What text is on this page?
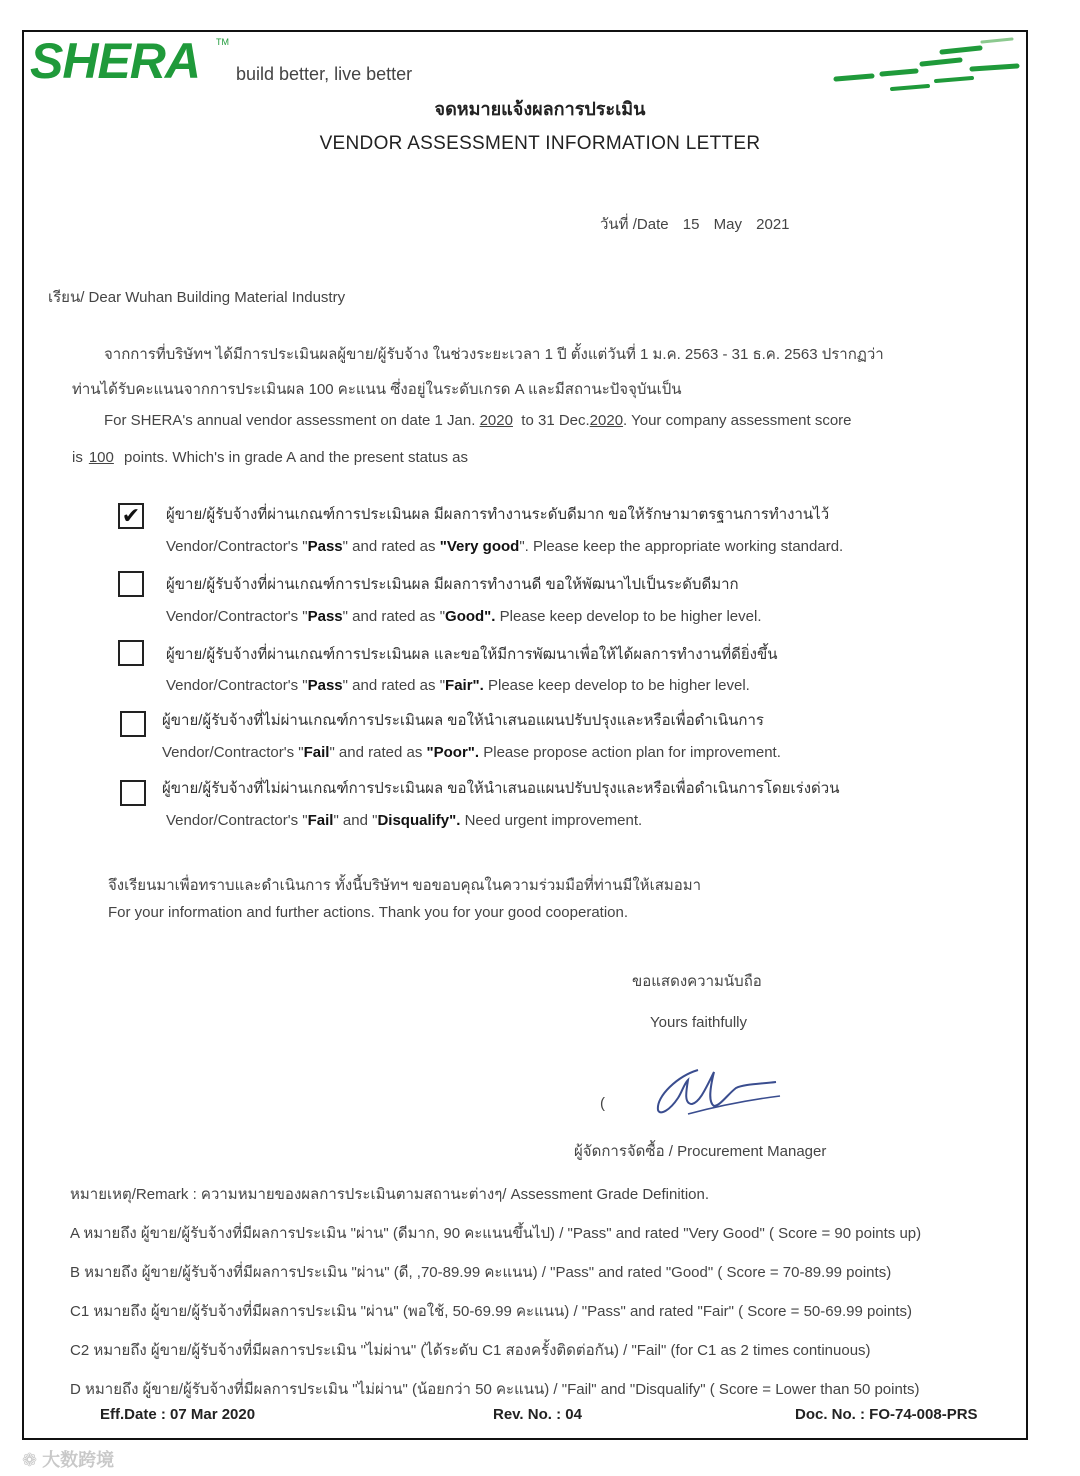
SHERA TM
build better, live better
จดหมายแจ้งผลการประเมิน
VENDOR ASSESSMENT INFORMATION LETTER
วันที่ /Date 15 May 2021
เรียน/ Dear Wuhan Building Material Industry
จากการที่บริษัทฯ ได้มีการประเมินผลผู้ขาย/ผู้รับจ้าง ในช่วงระยะเวลา 1 ปี ตั้งแต่วันที่ 1 ม.ค. 2563 - 31 ธ.ค. 2563 ปรากฏว่า
ท่านได้รับคะแนนจากการประเมินผล 100 คะแนน ซึ่งอยู่ในระดับเกรด A และมีสถานะปัจจุบันเป็น
For SHERA's annual vendor assessment on date 1 Jan. 2020 to 31 Dec.2020. Your company assessment score
is 100 points. Which's in grade A and the present status as
✔ ผู้ขาย/ผู้รับจ้างที่ผ่านเกณฑ์การประเมินผล มีผลการทำงานระดับดีมาก ขอให้รักษามาตรฐานการทำงานไว้
Vendor/Contractor's "Pass" and rated as "Very good". Please keep the appropriate working standard.
ผู้ขาย/ผู้รับจ้างที่ผ่านเกณฑ์การประเมินผล มีผลการทำงานดี ขอให้พัฒนาไปเป็นระดับดีมาก
Vendor/Contractor's "Pass" and rated as "Good". Please keep develop to be higher level.
ผู้ขาย/ผู้รับจ้างที่ผ่านเกณฑ์การประเมินผล และขอให้มีการพัฒนาเพื่อให้ได้ผลการทำงานที่ดียิ่งขึ้น
Vendor/Contractor's "Pass" and rated as "Fair". Please keep develop to be higher level.
ผู้ขาย/ผู้รับจ้างที่ไม่ผ่านเกณฑ์การประเมินผล ขอให้นำเสนอแผนปรับปรุงและหรือเพื่อดำเนินการ
Vendor/Contractor's "Fail" and rated as "Poor". Please propose action plan for improvement.
ผู้ขาย/ผู้รับจ้างที่ไม่ผ่านเกณฑ์การประเมินผล ขอให้นำเสนอแผนปรับปรุงและหรือเพื่อดำเนินการโดยเร่งด่วน
Vendor/Contractor's "Fail" and "Disqualify". Need urgent improvement.
จึงเรียนมาเพื่อทราบและดำเนินการ ทั้งนี้บริษัทฯ ขอขอบคุณในความร่วมมือที่ท่านมีให้เสมอมา
For your information and further actions. Thank you for your good cooperation.
ขอแสดงความนับถือ
Yours faithfully
(
ผู้จัดการจัดซื้อ / Procurement Manager
หมายเหตุ/Remark : ความหมายของผลการประเมินตามสถานะต่างๆ/ Assessment Grade Definition.
A หมายถึง ผู้ขาย/ผู้รับจ้างที่มีผลการประเมิน "ผ่าน" (ดีมาก, 90 คะแนนขึ้นไป) / "Pass" and rated "Very Good" ( Score = 90 points up)
B หมายถึง ผู้ขาย/ผู้รับจ้างที่มีผลการประเมิน "ผ่าน" (ดี, ,70-89.99 คะแนน) / "Pass" and rated "Good" ( Score = 70-89.99 points)
C1 หมายถึง ผู้ขาย/ผู้รับจ้างที่มีผลการประเมิน "ผ่าน" (พอใช้, 50-69.99 คะแนน) / "Pass" and rated "Fair" ( Score = 50-69.99 points)
C2 หมายถึง ผู้ขาย/ผู้รับจ้างที่มีผลการประเมิน "ไม่ผ่าน" (ได้ระดับ C1 สองครั้งติดต่อกัน) / "Fail" (for C1 as 2 times continuous)
D หมายถึง ผู้ขาย/ผู้รับจ้างที่มีผลการประเมิน "ไม่ผ่าน" (น้อยกว่า 50 คะแนน) / "Fail" and "Disqualify" ( Score = Lower than 50 points)
Eff.Date : 07 Mar 2020	Rev. No. : 04	Doc. No. : FO-74-008-PRS
❁ 大数跨境
